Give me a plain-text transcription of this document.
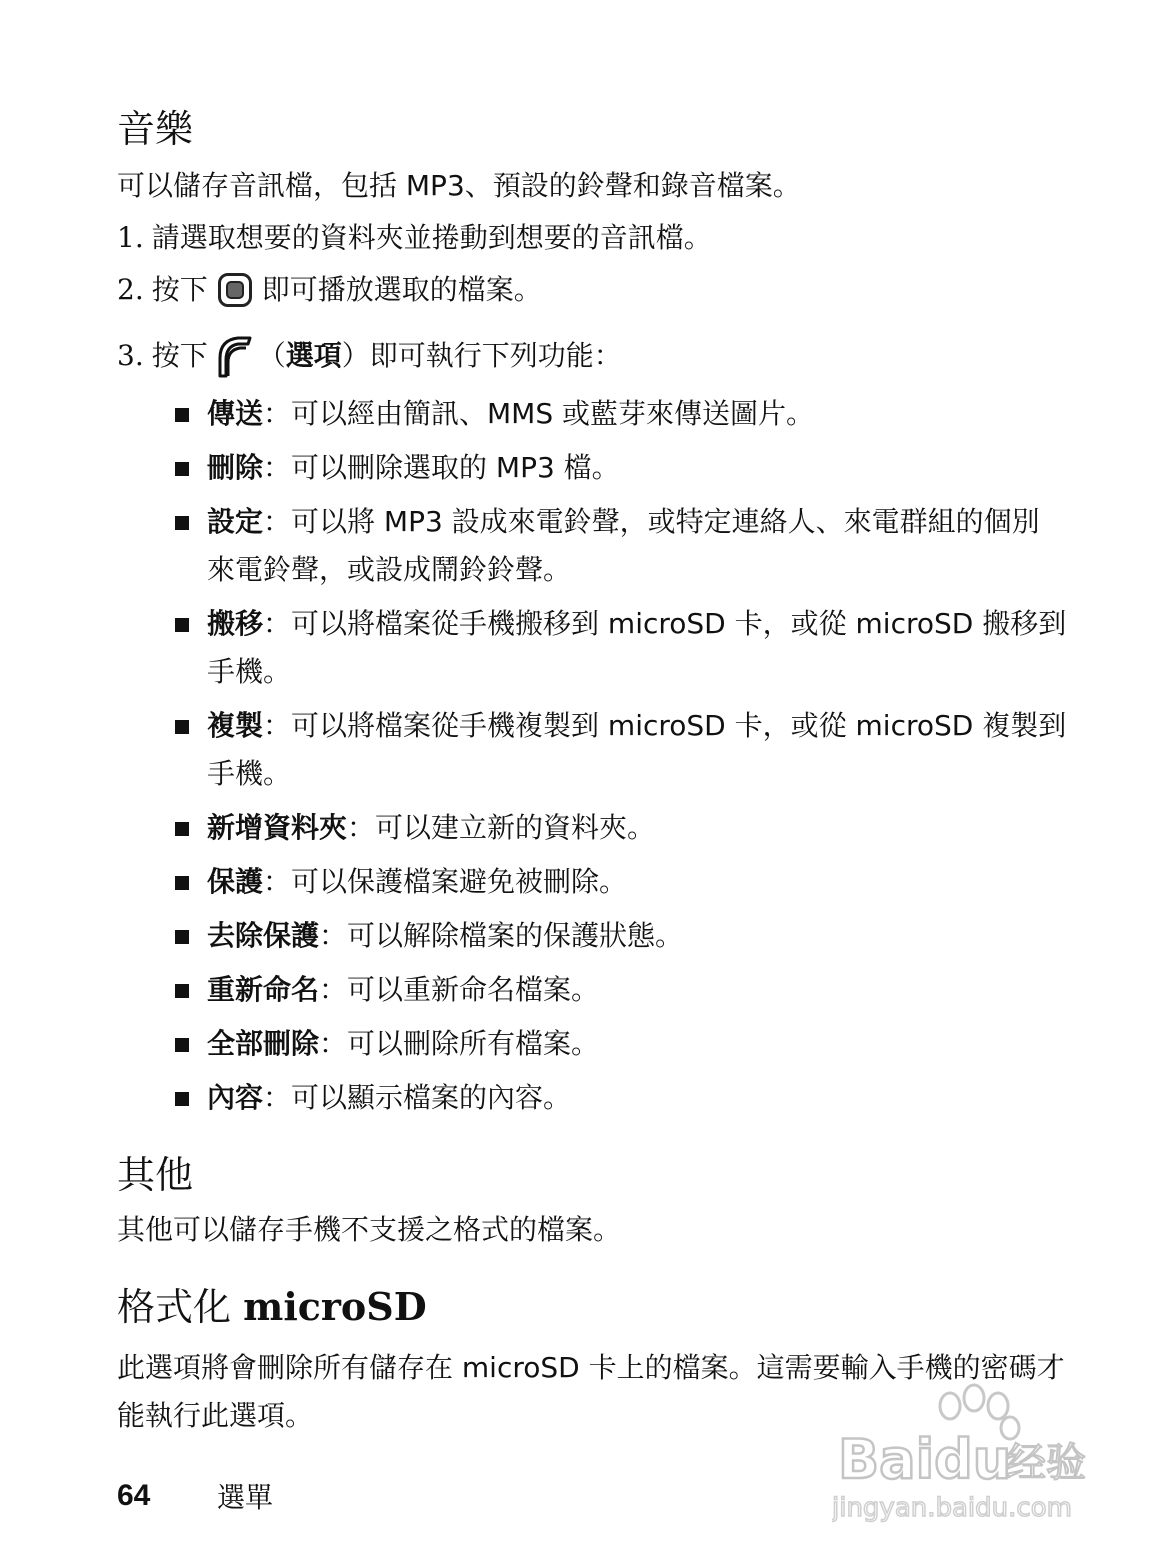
音樂

可以儲存音訊檔，包括 MP3、預設的鈴聲和錄音檔案。

1. 請選取想要的資料夾並捲動到想要的音訊檔。

2. 按下 即可播放選取的檔案。

3. 按下 （ 選項 ） 即可執行下列功能：

傳送：可以經由簡訊、MMS 或藍芽來傳送圖片。
刪除：可以刪除選取的 MP3 檔。
設定：可以將 MP3 設成來電鈴聲，或特定連絡人、來電群組的個別來電鈴聲，或設成鬧鈴鈴聲。
搬移：可以將檔案從手機搬移到 microSD 卡，或從 microSD 搬移到手機。
複製：可以將檔案從手機複製到 microSD 卡，或從 microSD 複製到手機。
新增資料夾：可以建立新的資料夾。
保護：可以保護檔案避免被刪除。
去除保護：可以解除檔案的保護狀態。
重新命名：可以重新命名檔案。
全部刪除：可以刪除所有檔案。
內容：可以顯示檔案的內容。
其他

其他可以儲存手機不支援之格式的檔案。

格式化 microSD

此選項將會刪除所有儲存在 microSD 卡上的檔案。這需要輸入手機的密碼才能執行此選項。

64	選單
Baidu
经验
jingyan.baidu.com
